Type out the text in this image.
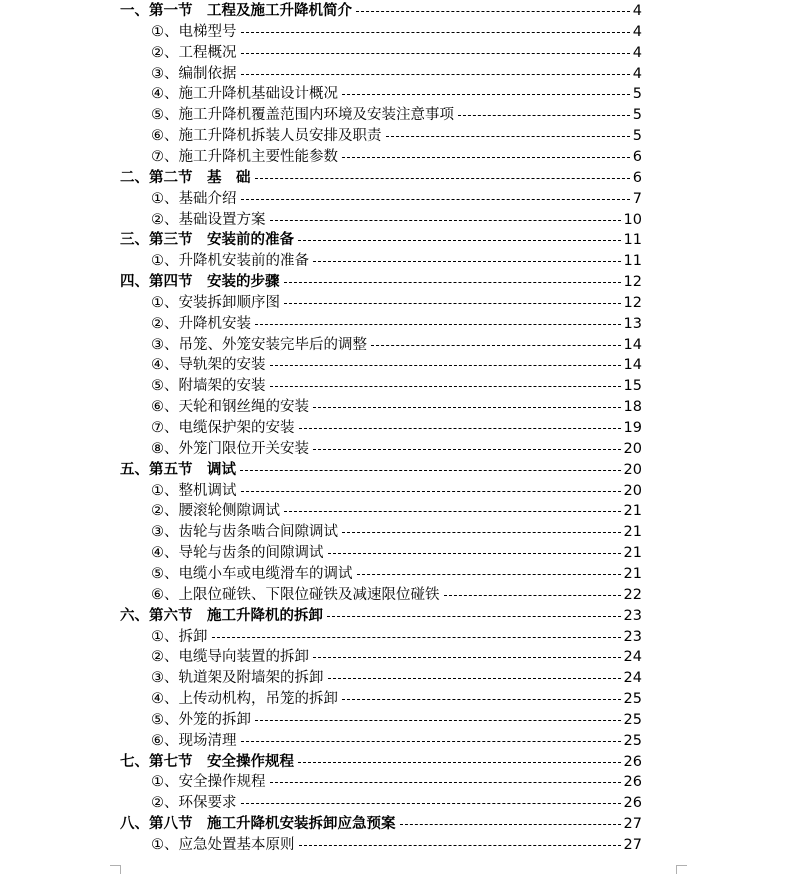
一、第一节　工程及施工升降机简介	4
①、电梯型号	4
②、工程概况	4
③、编制依据	4
④、施工升降机基础设计概况	5
⑤、施工升降机覆盖范围内环境及安装注意事项	5
⑥、施工升降机拆装人员安排及职责	5
⑦、施工升降机主要性能参数	6
二、第二节　基　础	6
①、基础介绍	7
②、基础设置方案	10
三、第三节　安装前的准备	11
①、升降机安装前的准备	11
四、第四节　安装的步骤	12
①、安装拆卸顺序图	12
②、升降机安装	13
③、吊笼、外笼安装完毕后的调整	14
④、导轨架的安装	14
⑤、附墙架的安装	15
⑥、天轮和钢丝绳的安装	18
⑦、电缆保护架的安装	19
⑧、外笼门限位开关安装	20
五、第五节　调试	20
①、整机调试	20
②、腰滚轮侧隙调试	21
③、齿轮与齿条啮合间隙调试	21
④、导轮与齿条的间隙调试	21
⑤、电缆小车或电缆滑车的调试	21
⑥、上限位碰铁、下限位碰铁及减速限位碰铁	22
六、第六节　施工升降机的拆卸	23
①、拆卸	23
②、电缆导向装置的拆卸	24
③、轨道架及附墙架的拆卸	24
④、上传动机构，吊笼的拆卸	25
⑤、外笼的拆卸	25
⑥、现场清理	25
七、第七节　安全操作规程	26
①、安全操作规程	26
②、环保要求	26
八、第八节　施工升降机安装拆卸应急预案	27
①、应急处置基本原则	27
